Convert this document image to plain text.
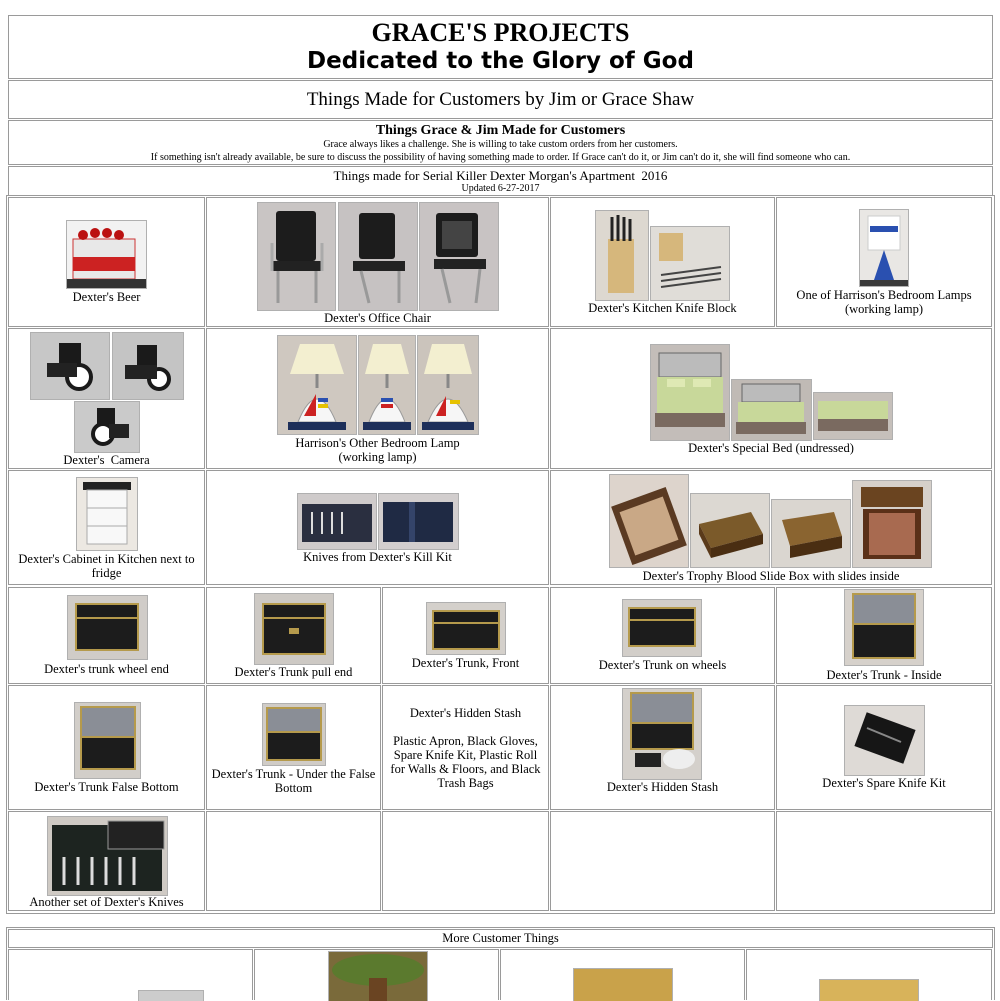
GRACE'S PROJECTS
Dedicated to the Glory of God
Things Made for Customers by Jim or Grace Shaw
Things Grace & Jim Made for Customers
Grace always likes a challenge. She is willing to take custom orders from her customers.
If something isn't already available, be sure to discuss the possibility of having something made to order. If Grace can't do it, or Jim can't do it, she will find someone who can.
Things made for Serial Killer Dexter Morgan's Apartment  2016
Updated 6-27-2017
Dexter's Beer
Dexter's Office Chair
Dexter's Kitchen Knife Block
One of Harrison's Bedroom Lamps
(working lamp)
Dexter's  Camera
Harrison's Other Bedroom Lamp
(working lamp)
Dexter's Special Bed (undressed)
Dexter's Cabinet in Kitchen next to fridge
Knives from Dexter's Kill Kit
Dexter's Trophy Blood Slide Box with slides inside
Dexter's trunk wheel end	Dexter's Trunk pull end
Dexter's Trunk, Front	Dexter's Trunk on wheels
Dexter's Trunk - Inside
Dexter's Trunk False Bottom
Dexter's Trunk - Under the False Bottom
Dexter's Hidden Stash
Plastic Apron, Black Gloves, Spare Knife Kit, Plastic Roll for Walls & Floors, and Black Trash Bags	Dexter's Hidden Stash	Dexter's Spare Knife Kit
Another set of Dexter's Knives
More Customer Things
